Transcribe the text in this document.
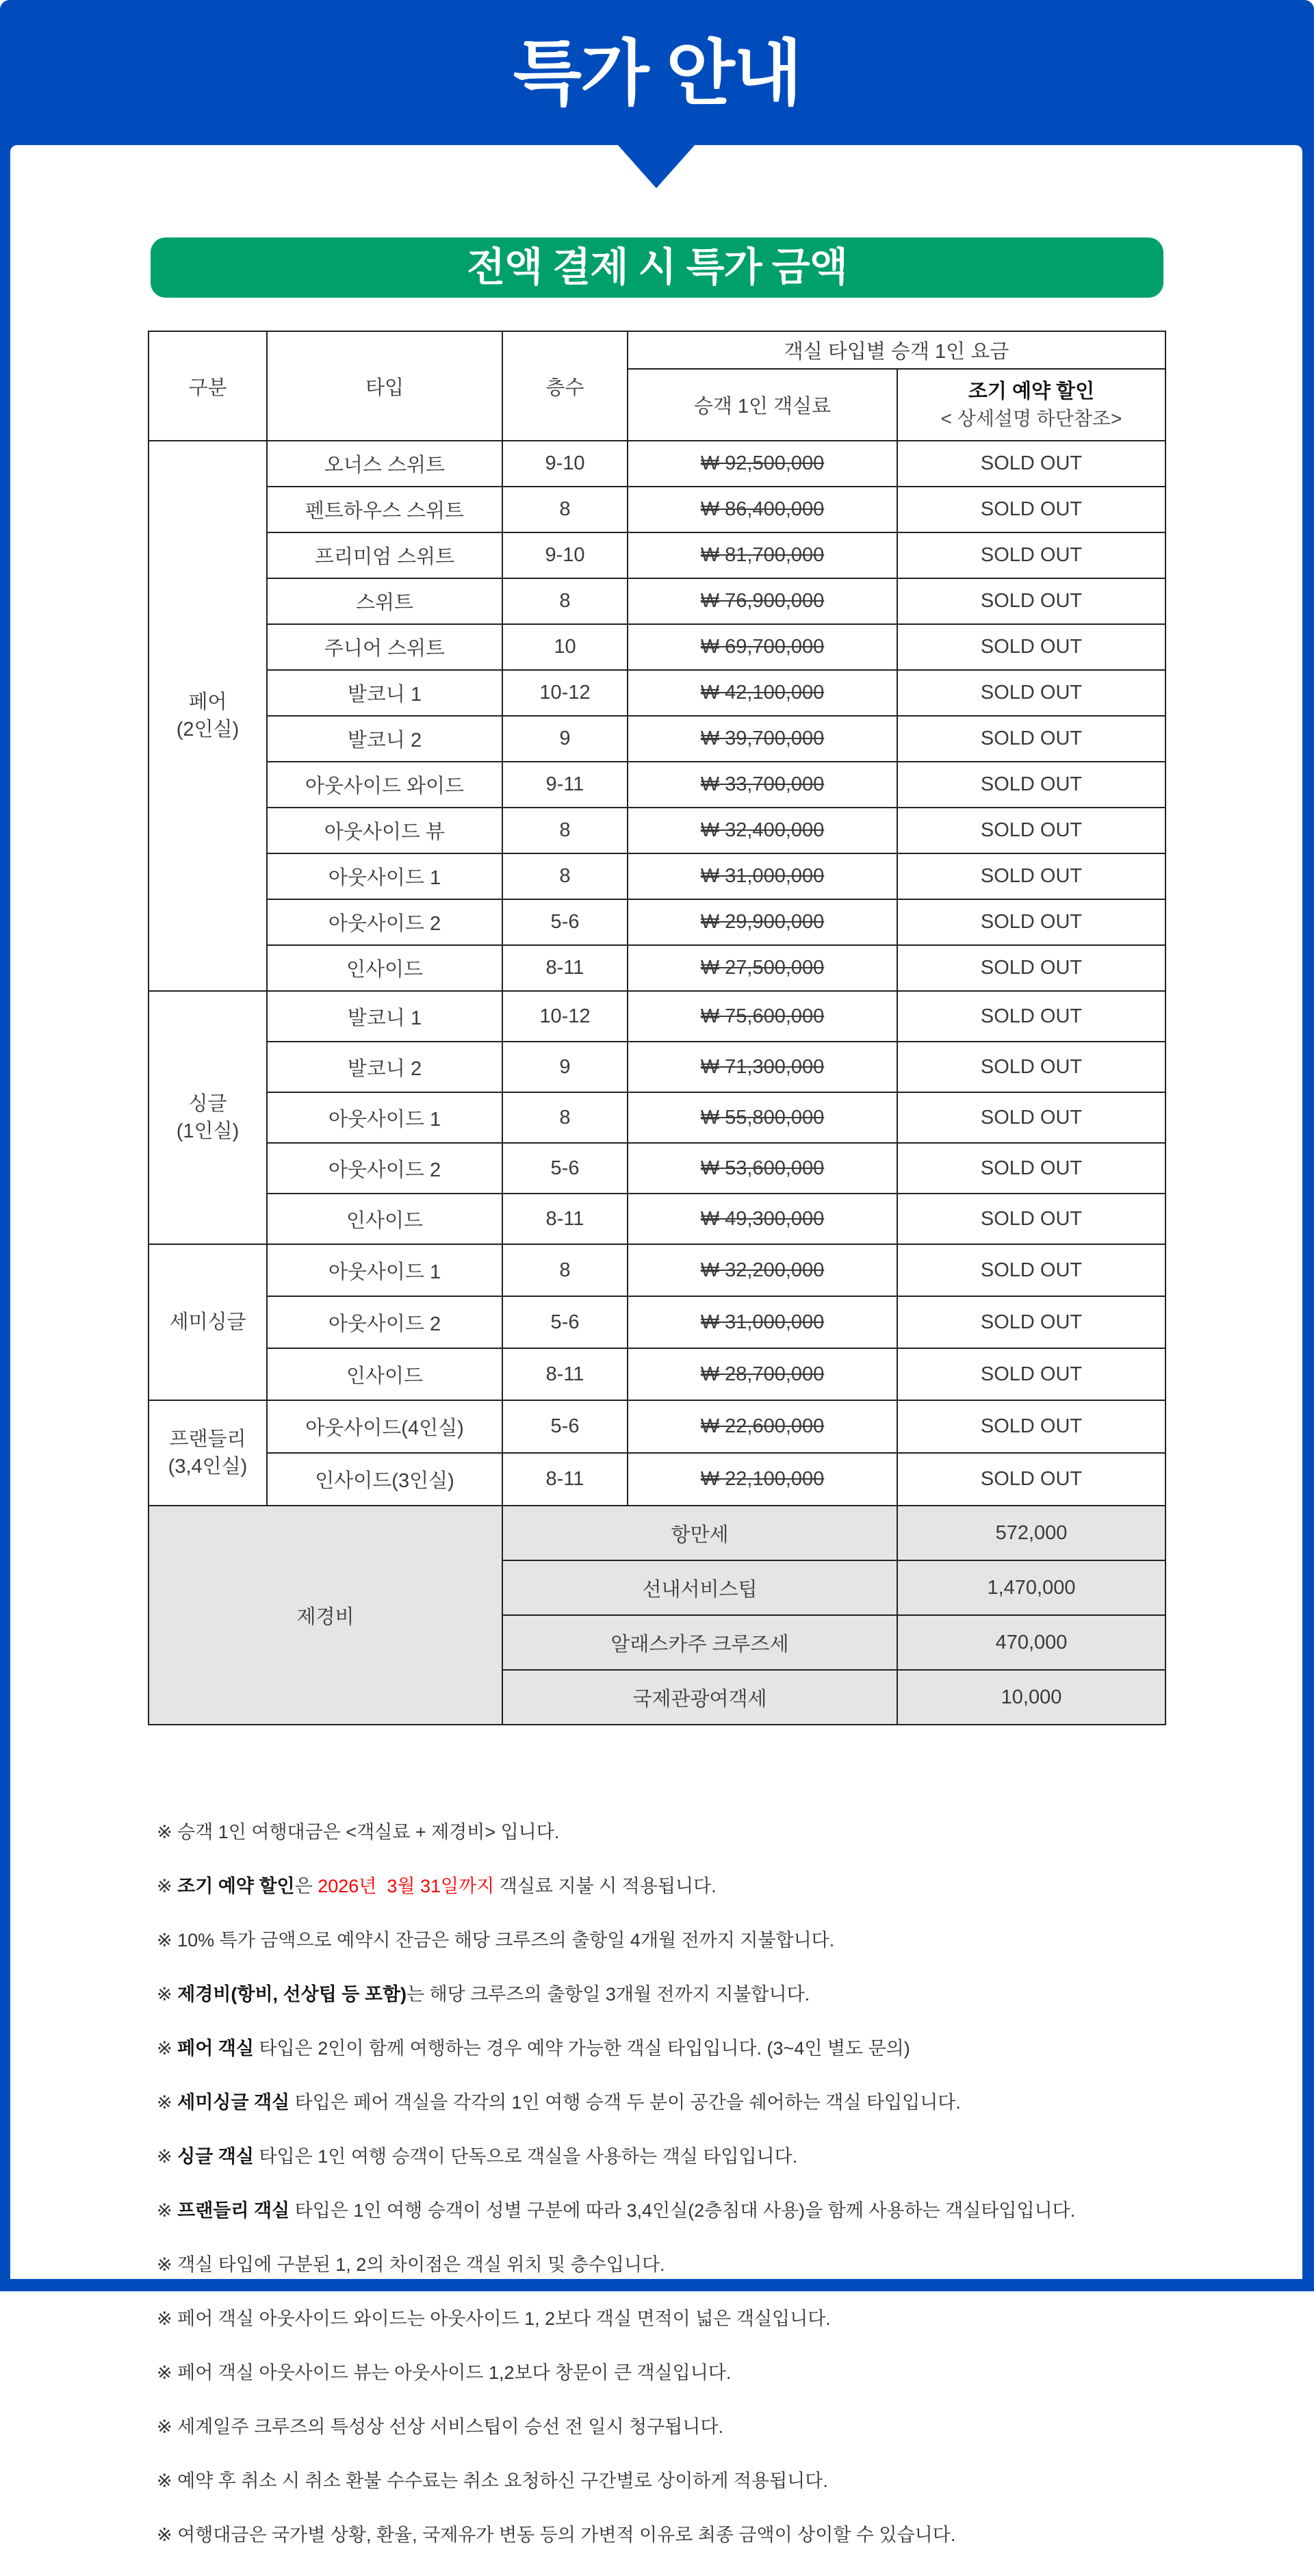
특가 안내
전액 결제 시 특가 금액
구분	타입	층수	객실 타입별 승객 1인 요금	
			승객 1인 객실료	조기 예약 할인
< 상세설명 하단참조>

페어
(2인실)	오너스 스위트	9-10	₩ 92,500,000	SOLD OUT
	펜트하우스 스위트	8	₩ 86,400,000	SOLD OUT
	프리미엄 스위트	9-10	₩ 81,700,000	SOLD OUT
	스위트	8	₩ 76,900,000	SOLD OUT
	주니어 스위트	10	₩ 69,700,000	SOLD OUT
	발코니 1	10-12	₩ 42,100,000	SOLD OUT
	발코니 2	9	₩ 39,700,000	SOLD OUT
	아웃사이드 와이드	9-11	₩ 33,700,000	SOLD OUT
	아웃사이드 뷰	8	₩ 32,400,000	SOLD OUT
	아웃사이드 1	8	₩ 31,000,000	SOLD OUT
	아웃사이드 2	5-6	₩ 29,900,000	SOLD OUT
	인사이드	8-11	₩ 27,500,000	SOLD OUT

싱글
(1인실)	발코니 1	10-12	₩ 75,600,000	SOLD OUT
	발코니 2	9	₩ 71,300,000	SOLD OUT
	아웃사이드 1	8	₩ 55,800,000	SOLD OUT
	아웃사이드 2	5-6	₩ 53,600,000	SOLD OUT
	인사이드	8-11	₩ 49,300,000	SOLD OUT

세미싱글	아웃사이드 1	8	₩ 32,200,000	SOLD OUT
	아웃사이드 2	5-6	₩ 31,000,000	SOLD OUT
	인사이드	8-11	₩ 28,700,000	SOLD OUT

프랜들리
(3,4인실)	아웃사이드(4인실)	5-6	₩ 22,600,000	SOLD OUT
	인사이드(3인실)	8-11	₩ 22,100,000	SOLD OUT
제경비		항만세		572,000
		선내서비스팁		1,470,000
		알래스카주 크루즈세		470,000
		국제관광여객세		10,000

※ 승객 1인 여행대금은 <객실료 + 제경비> 입니다.

※ 조기 예약 할인은 2026년  3월 31일까지 객실료 지불 시 적용됩니다.

※ 10% 특가 금액으로 예약시 잔금은 해당 크루즈의 출항일 4개월 전까지 지불합니다.

※ 제경비(항비, 선상팁 등 포함)는 해당 크루즈의 출항일 3개월 전까지 지불합니다.

※ 페어 객실 타입은 2인이 함께 여행하는 경우 예약 가능한 객실 타입입니다. (3~4인 별도 문의)

※ 세미싱글 객실 타입은 페어 객실을 각각의 1인 여행 승객 두 분이 공간을 쉐어하는 객실 타입입니다.

※ 싱글 객실 타입은 1인 여행 승객이 단독으로 객실을 사용하는 객실 타입입니다.

※ 프랜들리 객실 타입은 1인 여행 승객이 성별 구분에 따라 3,4인실(2층침대 사용)을 함께 사용하는 객실타입입니다.

※ 객실 타입에 구분된 1, 2의 차이점은 객실 위치 및 층수입니다.

※ 페어 객실 아웃사이드 와이드는 아웃사이드 1, 2보다 객실 면적이 넓은 객실입니다.

※ 페어 객실 아웃사이드 뷰는 아웃사이드 1,2보다 창문이 큰 객실입니다.

※ 세계일주 크루즈의 특성상 선상 서비스팁이 승선 전 일시 청구됩니다.

※ 예약 후 취소 시 취소 환불 수수료는 취소 요청하신 구간별로 상이하게 적용됩니다.

※ 여행대금은 국가별 상황, 환율, 국제유가 변동 등의 가변적 이유로 최종 금액이 상이할 수 있습니다.
